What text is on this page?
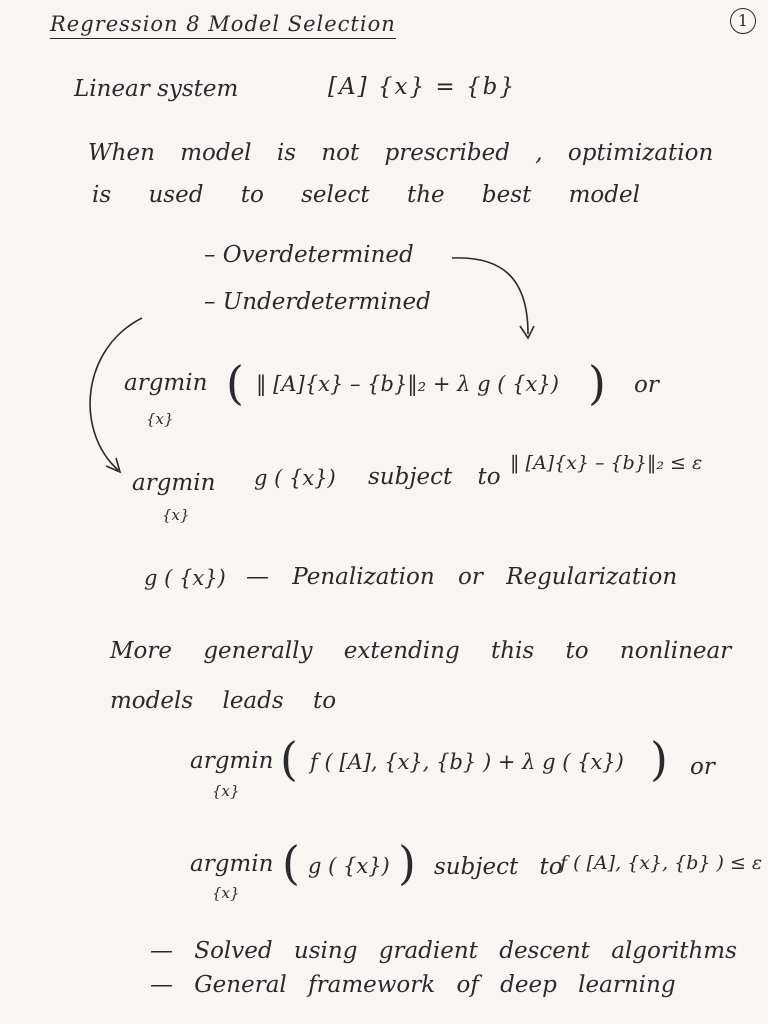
Regression 8 Model Selection	1
Linear system	[A] {x} = {b}
When model is not prescribed , optimization
is used to select the best model
– Overdetermined
– Underdetermined
argmin
{x}
( ‖ [A]{x} – {b}‖₂ + λ g ( {x}) ) or
argmin
{x}
g ( {x}) subject to
‖ [A]{x} – {b}‖₂ ≤ ε
g ( {x}) — Penalization or Regularization
More generally extending this to nonlinear
models leads to
argmin
{x}
( f ( [A], {x}, {b} ) + λ g ( {x}) ) or
argmin
{x}
( g ( {x}) ) subject to
f ( [A], {x}, {b} ) ≤ ε
— Solved using gradient descent algorithms
— General framework of deep learning
